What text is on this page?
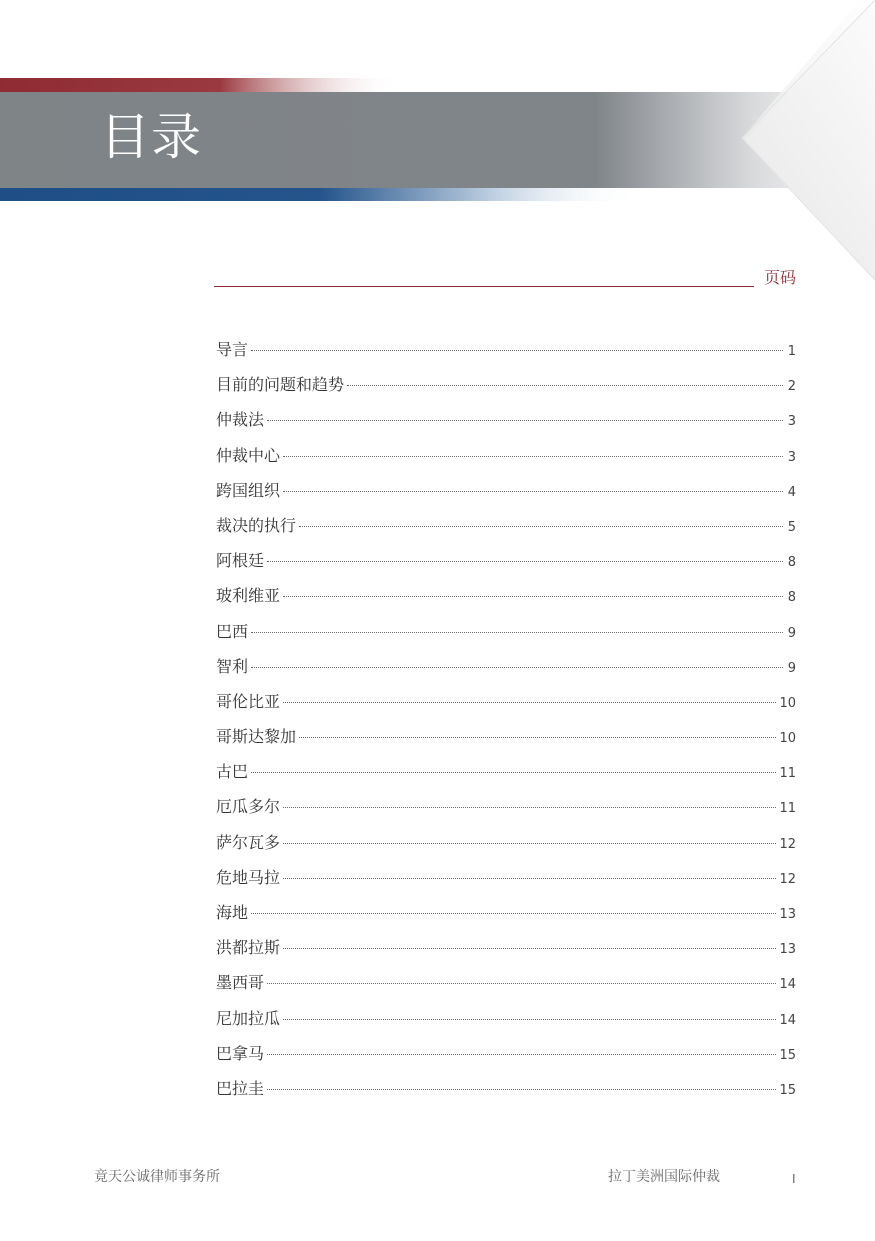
目录
页码
导言	1
目前的问题和趋势	2
仲裁法	3
仲裁中心	3
跨国组织	4
裁决的执行	5
阿根廷	8
玻利维亚	8
巴西	9
智利	9
哥伦比亚	10
哥斯达黎加	10
古巴	11
厄瓜多尔	11
萨尔瓦多	12
危地马拉	12
海地	13
洪都拉斯	13
墨西哥	14
尼加拉瓜	14
巴拿马	15
巴拉圭	15
竟天公诚律师事务所	拉丁美洲国际仲裁	I
